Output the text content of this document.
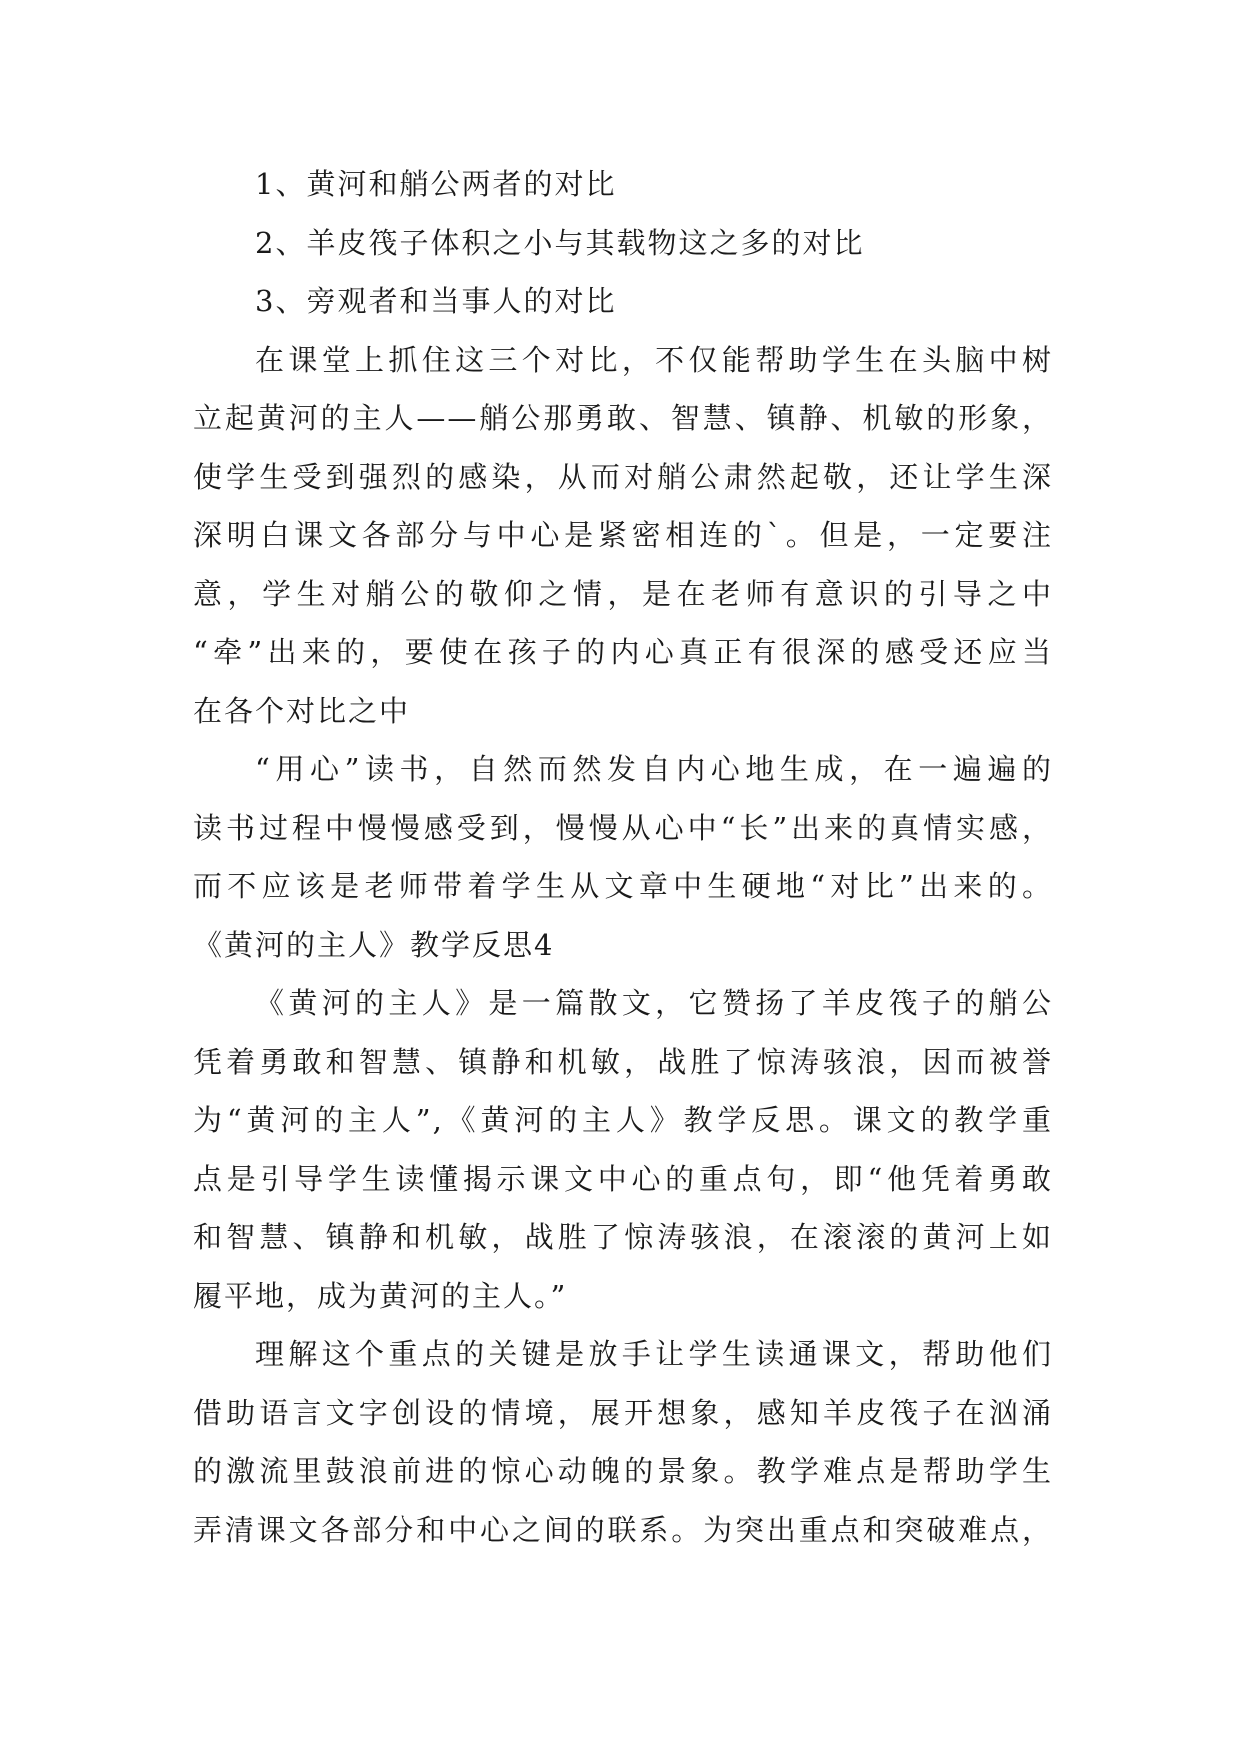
1、黄河和艄公两者的对比
2、羊皮筏子体积之小与其载物这之多的对比
3、旁观者和当事人的对比
在课堂上抓住这三个对比，不仅能帮助学生在头脑中树
立起黄河的主人——艄公那勇敢、智慧、镇静、机敏的形象，
使学生受到强烈的感染，从而对艄公肃然起敬，还让学生深
深明白课文各部分与中心是紧密相连的`。但是，一定要注
意，学生对艄公的敬仰之情，是在老师有意识的引导之中
“牵”出来的，要使在孩子的内心真正有很深的感受还应当
在各个对比之中
“用心”读书，自然而然发自内心地生成，在一遍遍的
读书过程中慢慢感受到，慢慢从心中“长”出来的真情实感，
而不应该是老师带着学生从文章中生硬地“对比”出来的。
《黄河的主人》教学反思4
《黄河的主人》是一篇散文，它赞扬了羊皮筏子的艄公
凭着勇敢和智慧、镇静和机敏，战胜了惊涛骇浪，因而被誉
为“黄河的主人”,《黄河的主人》教学反思。课文的教学重
点是引导学生读懂揭示课文中心的重点句，即“他凭着勇敢
和智慧、镇静和机敏，战胜了惊涛骇浪，在滚滚的黄河上如
履平地，成为黄河的主人。”
理解这个重点的关键是放手让学生读通课文，帮助他们
借助语言文字创设的情境，展开想象，感知羊皮筏子在汹涌
的激流里鼓浪前进的惊心动魄的景象。教学难点是帮助学生
弄清课文各部分和中心之间的联系。为突出重点和突破难点，
